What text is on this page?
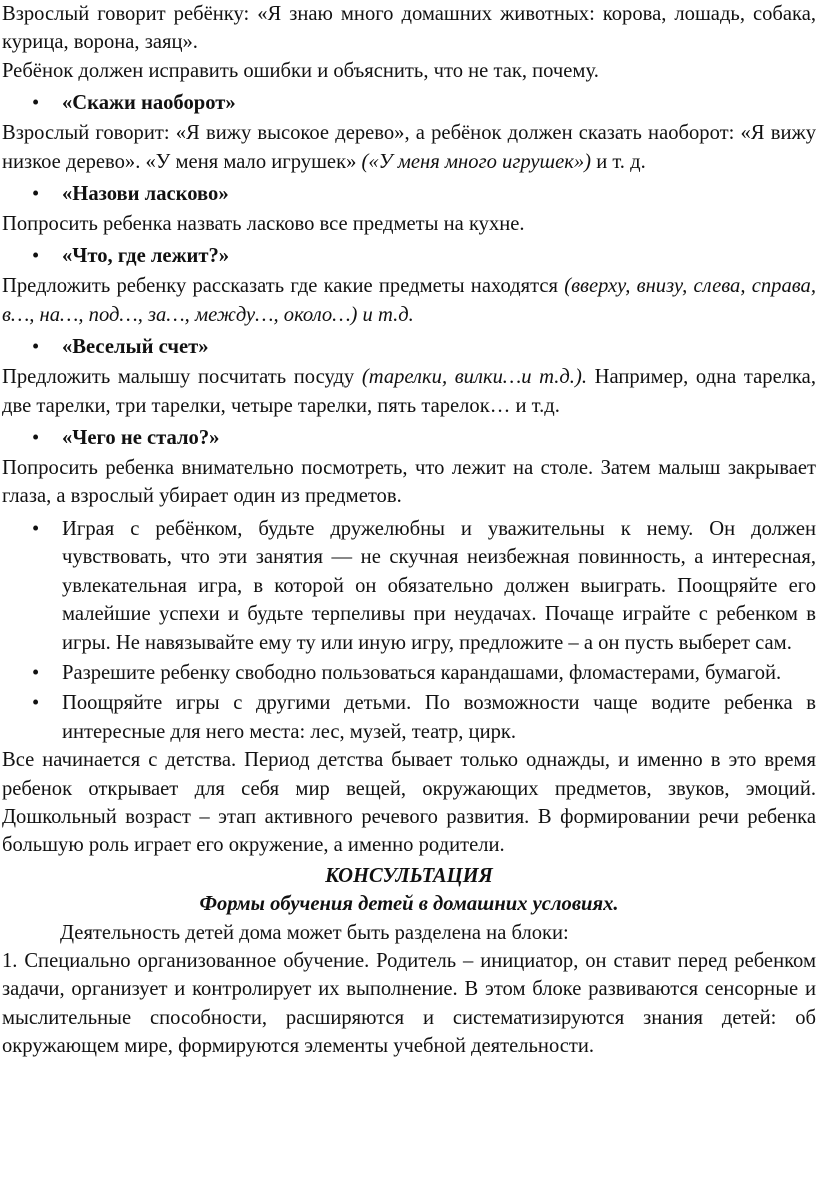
Взрослый говорит ребёнку: «Я знаю много домашних животных: корова, лошадь, собака, курица, ворона, заяц».

Ребёнок должен исправить ошибки и объяснить, что не так, почему.

• «Скажи наоборот»

Взрослый говорит: «Я вижу высокое дерево», а ребёнок должен сказать наоборот: «Я вижу низкое дерево». «У меня мало игрушек» («У меня много игрушек») и т. д.

• «Назови ласково»

Попросить ребенка назвать ласково все предметы на кухне.

• «Что, где лежит?»

Предложить ребенку рассказать где какие предметы находятся (вверху, внизу, слева, справа, в…, на…, под…, за…, между…, около…) и т.д.

• «Веселый счет»

Предложить малышу посчитать посуду (тарелки, вилки…и т.д.). Например, одна тарелка, две тарелки, три тарелки, четыре тарелки, пять тарелок… и т.д.

• «Чего не стало?»

Попросить ребенка внимательно посмотреть, что лежит на столе. Затем малыш закрывает глаза, а взрослый убирает один из предметов.

• Играя с ребёнком, будьте дружелюбны и уважительны к нему. Он должен чувствовать, что эти занятия — не скучная неизбежная повинность, а интересная, увлекательная игра, в которой он обязательно должен выиграть. Поощряйте его малейшие успехи и будьте терпеливы при неудачах. Почаще играйте с ребенком в игры. Не навязывайте ему ту или иную игру, предложите – а он пусть выберет сам.
• Разрешите ребенку свободно пользоваться карандашами, фломастерами, бумагой.
• Поощряйте игры с другими детьми. По возможности чаще водите ребенка в интересные для него места: лес, музей, театр, цирк.

Все начинается с детства. Период детства бывает только однажды, и именно в это время ребенок открывает для себя мир вещей, окружающих предметов, звуков, эмоций. Дошкольный возраст – этап активного речевого развития. В формировании речи ребенка большую роль играет его окружение, а именно родители.

КОНСУЛЬТАЦИЯ

Формы обучения детей в домашних условиях.

Деятельность детей дома может быть разделена на блоки:

1. Специально организованное обучение. Родитель – инициатор, он ставит перед ребенком задачи, организует и контролирует их выполнение. В этом блоке развиваются сенсорные и мыслительные способности, расширяются и систематизируются знания детей: об окружающем мире, формируются элементы учебной деятельности.
